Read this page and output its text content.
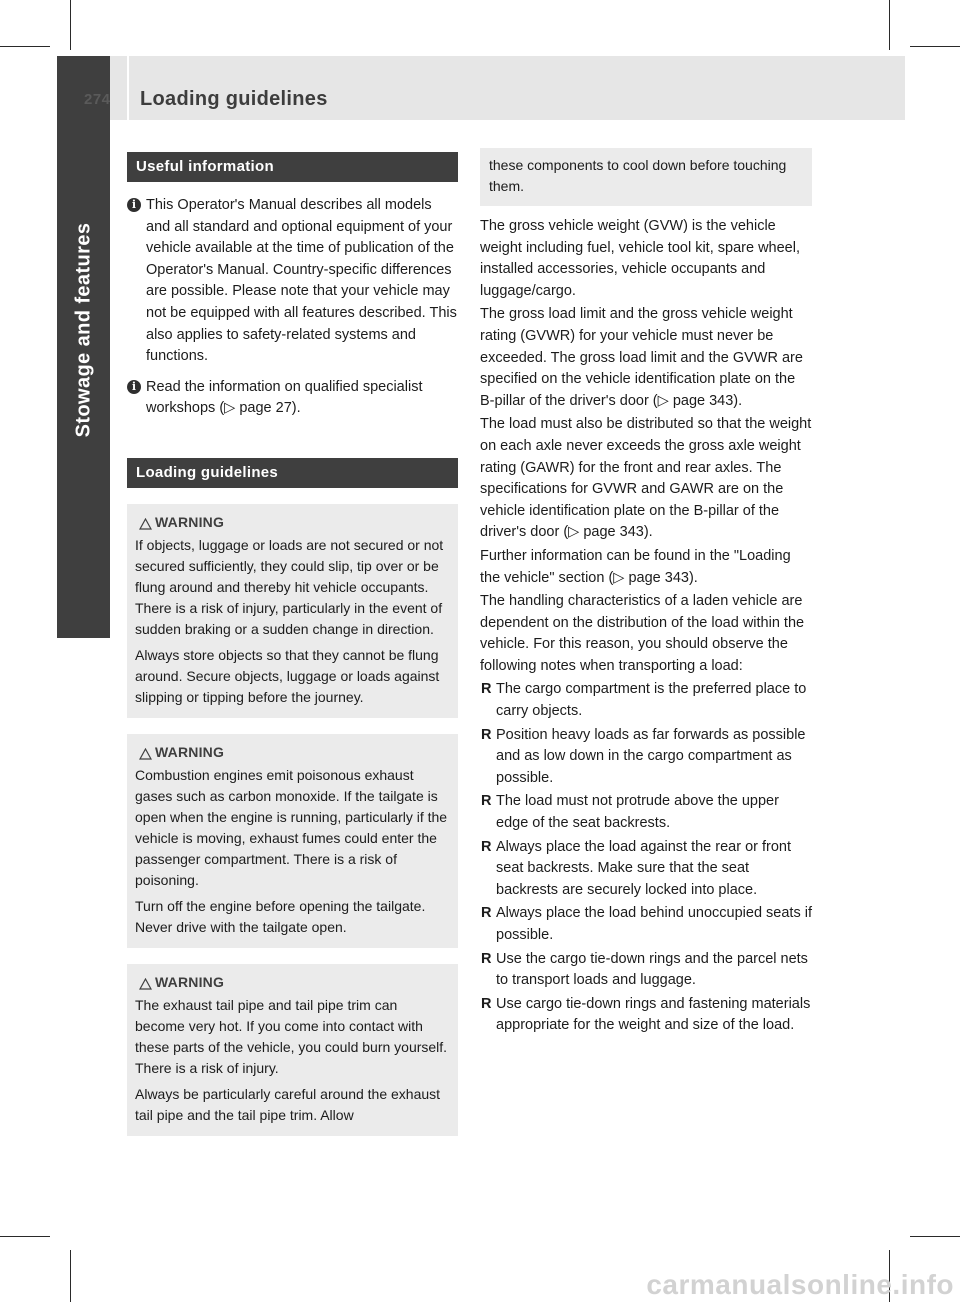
Stowage and features
274 Loading guidelines
Useful information
i This Operator's Manual describes all models and all standard and optional equipment of your vehicle available at the time of publication of the Operator's Manual. Country-specific differences are possible. Please note that your vehicle may not be equipped with all features described. This also applies to safety-related systems and functions.
i Read the information on qualified specialist workshops (▷ page 27).
Loading guidelines
WARNING
If objects, luggage or loads are not secured or not secured sufficiently, they could slip, tip over or be flung around and thereby hit vehicle occupants. There is a risk of injury, particularly in the event of sudden braking or a sudden change in direction.
Always store objects so that they cannot be flung around. Secure objects, luggage or loads against slipping or tipping before the journey.
WARNING
Combustion engines emit poisonous exhaust gases such as carbon monoxide. If the tailgate is open when the engine is running, particularly if the vehicle is moving, exhaust fumes could enter the passenger compartment. There is a risk of poisoning.
Turn off the engine before opening the tailgate. Never drive with the tailgate open.
WARNING
The exhaust tail pipe and tail pipe trim can become very hot. If you come into contact with these parts of the vehicle, you could burn yourself. There is a risk of injury.
Always be particularly careful around the exhaust tail pipe and the tail pipe trim. Allow
these components to cool down before touching them.
The gross vehicle weight (GVW) is the vehicle weight including fuel, vehicle tool kit, spare wheel, installed accessories, vehicle occupants and luggage/cargo.
The gross load limit and the gross vehicle weight rating (GVWR) for your vehicle must never be exceeded. The gross load limit and the GVWR are specified on the vehicle identification plate on the B-pillar of the driver's door (▷ page 343).
The load must also be distributed so that the weight on each axle never exceeds the gross axle weight rating (GAWR) for the front and rear axles. The specifications for GVWR and GAWR are on the vehicle identification plate on the B-pillar of the driver's door (▷ page 343).
Further information can be found in the "Loading the vehicle" section (▷ page 343).
The handling characteristics of a laden vehicle are dependent on the distribution of the load within the vehicle. For this reason, you should observe the following notes when transporting a load:
R The cargo compartment is the preferred place to carry objects.
R Position heavy loads as far forwards as possible and as low down in the cargo compartment as possible.
R The load must not protrude above the upper edge of the seat backrests.
R Always place the load against the rear or front seat backrests. Make sure that the seat backrests are securely locked into place.
R Always place the load behind unoccupied seats if possible.
R Use the cargo tie-down rings and the parcel nets to transport loads and luggage.
R Use cargo tie-down rings and fastening materials appropriate for the weight and size of the load.
carmanualsonline.info
